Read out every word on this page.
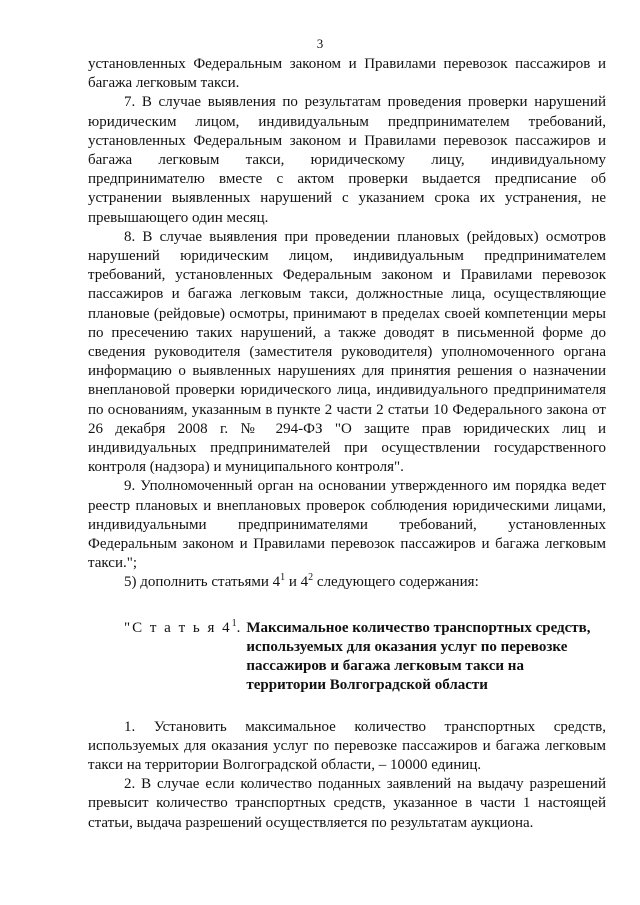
3

установленных Федеральным законом и Правилами перевозок пассажиров и багажа легковым такси.

7. В случае выявления по результатам проведения проверки нарушений юридическим лицом, индивидуальным предпринимателем требований, установленных Федеральным законом и Правилами перевозок пассажиров и багажа легковым такси, юридическому лицу, индивидуальному предпринимателю вместе с актом проверки выдается предписание об устранении выявленных нарушений с указанием срока их устранения, не превышающего один месяц.

8. В случае выявления при проведении плановых (рейдовых) осмотров нарушений юридическим лицом, индивидуальным предпринимателем требований, установленных Федеральным законом и Правилами перевозок пассажиров и багажа легковым такси, должностные лица, осуществляющие плановые (рейдовые) осмотры, принимают в пределах своей компетенции меры по пресечению таких нарушений, а также доводят в письменной форме до сведения руководителя (заместителя руководителя) уполномоченного органа информацию о выявленных нарушениях для принятия решения о назначении внеплановой проверки юридического лица, индивидуального предпринимателя по основаниям, указанным в пункте 2 части 2 статьи 10 Федерального закона от 26 декабря 2008 г. № 294-ФЗ "О защите прав юридических лиц и индивидуальных предпринимателей при осуществлении государственного контроля (надзора) и муниципального контроля".

9. Уполномоченный орган на основании утвержденного им порядка ведет реестр плановых и внеплановых проверок соблюдения юридическими лицами, индивидуальными предпринимателями требований, установленных Федеральным законом и Правилами перевозок пассажиров и багажа легковым такси.";

5) дополнить статьями $4^1$ и $4^2$ следующего содержания:

"С т а т ь я $4^1$. Максимальное количество транспортных средств, используемых для оказания услуг по перевозке пассажиров и багажа легковым такси на территории Волгоградской области

1. Установить максимальное количество транспортных средств, используемых для оказания услуг по перевозке пассажиров и багажа легковым такси на территории Волгоградской области, – 10000 единиц.

2. В случае если количество поданных заявлений на выдачу разрешений превысит количество транспортных средств, указанное в части 1 настоящей статьи, выдача разрешений осуществляется по результатам аукциона.
